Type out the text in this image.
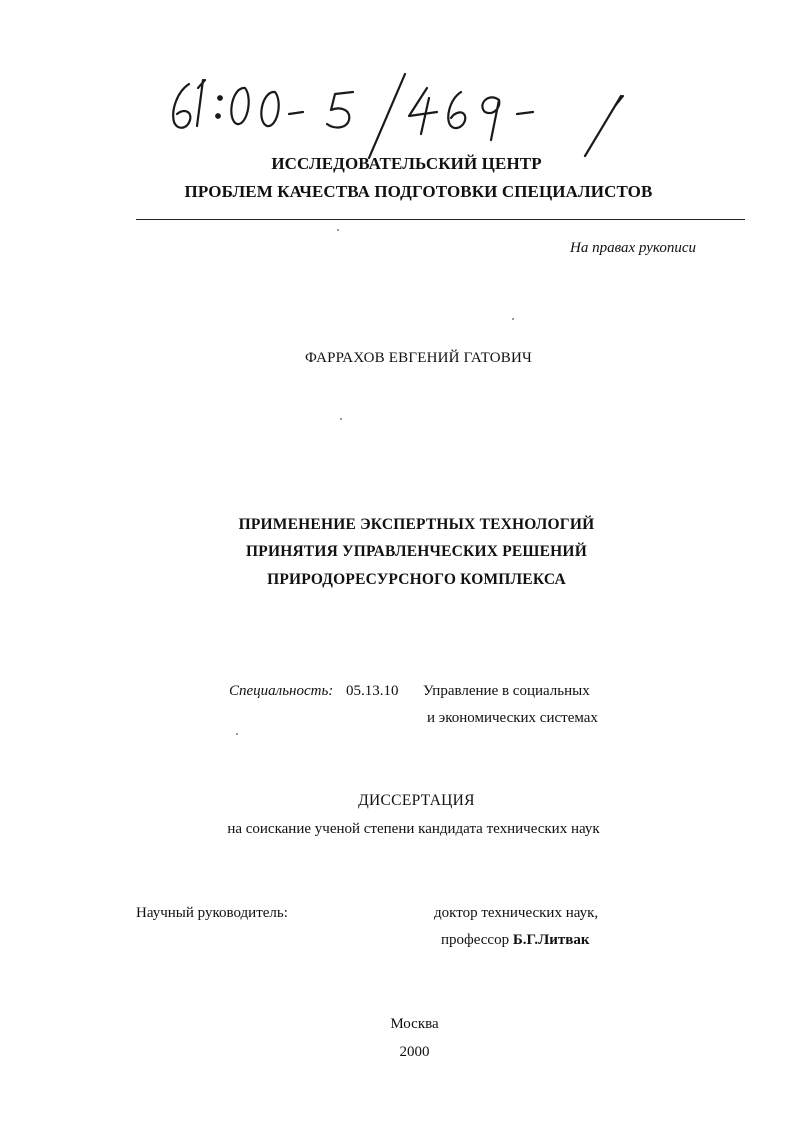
ИССЛЕДОВАТЕЛЬСКИЙ ЦЕНТР
ПРОБЛЕМ КАЧЕСТВА ПОДГОТОВКИ СПЕЦИАЛИСТОВ
На правах рукописи
ФАРРАХОВ ЕВГЕНИЙ ГАТОВИЧ
ПРИМЕНЕНИЕ ЭКСПЕРТНЫХ ТЕХНОЛОГИЙ
ПРИНЯТИЯ УПРАВЛЕНЧЕСКИХ РЕШЕНИЙ
ПРИРОДОРЕСУРСНОГО КОМПЛЕКСА
Специальность: 05.13.10 Управление в социальных
и экономических системах
ДИССЕРТАЦИЯ
на соискание ученой степени кандидата технических наук
Научный руководитель:	доктор технических наук,
профессор Б.Г.Литвак
Москва
2000
